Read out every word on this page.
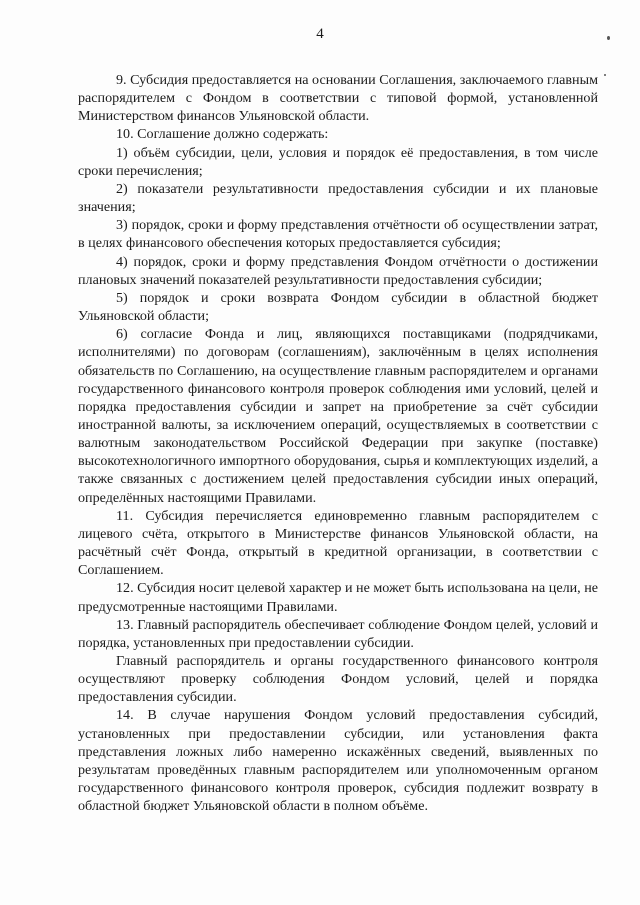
4

9. Субсидия предоставляется на основании Соглашения, заключаемого главным распорядителем с Фондом в соответствии с типовой формой, установленной Министерством финансов Ульяновской области.

10. Соглашение должно содержать:

1) объём субсидии, цели, условия и порядок её предоставления, в том числе сроки перечисления;

2) показатели результативности предоставления субсидии и их плановые значения;

3) порядок, сроки и форму представления отчётности об осуществлении затрат, в целях финансового обеспечения которых предоставляется субсидия;

4) порядок, сроки и форму представления Фондом отчётности о достижении плановых значений показателей результативности предоставления субсидии;

5) порядок и сроки возврата Фондом субсидии в областной бюджет Ульяновской области;

6) согласие Фонда и лиц, являющихся поставщиками (подрядчиками, исполнителями) по договорам (соглашениям), заключённым в целях исполнения обязательств по Соглашению, на осуществление главным распорядителем и органами государственного финансового контроля проверок соблюдения ими условий, целей и порядка предоставления субсидии и запрет на приобретение за счёт субсидии иностранной валюты, за исключением операций, осуществляемых в соответствии с валютным законодательством Российской Федерации при закупке (поставке) высокотехнологичного импортного оборудования, сырья и комплектующих изделий, а также связанных с достижением целей предоставления субсидии иных операций, определённых настоящими Правилами.

11. Субсидия перечисляется единовременно главным распорядителем с лицевого счёта, открытого в Министерстве финансов Ульяновской области, на расчётный счёт Фонда, открытый в кредитной организации, в соответствии с Соглашением.

12. Субсидия носит целевой характер и не может быть использована на цели, не предусмотренные настоящими Правилами.

13. Главный распорядитель обеспечивает соблюдение Фондом целей, условий и порядка, установленных при предоставлении субсидии.

Главный распорядитель и органы государственного финансового контроля осуществляют проверку соблюдения Фондом условий, целей и порядка предоставления субсидии.

14. В случае нарушения Фондом условий предоставления субсидий, установленных при предоставлении субсидии, или установления факта представления ложных либо намеренно искажённых сведений, выявленных по результатам проведённых главным распорядителем или уполномоченным органом государственного финансового контроля проверок, субсидия подлежит возврату в областной бюджет Ульяновской области в полном объёме.
